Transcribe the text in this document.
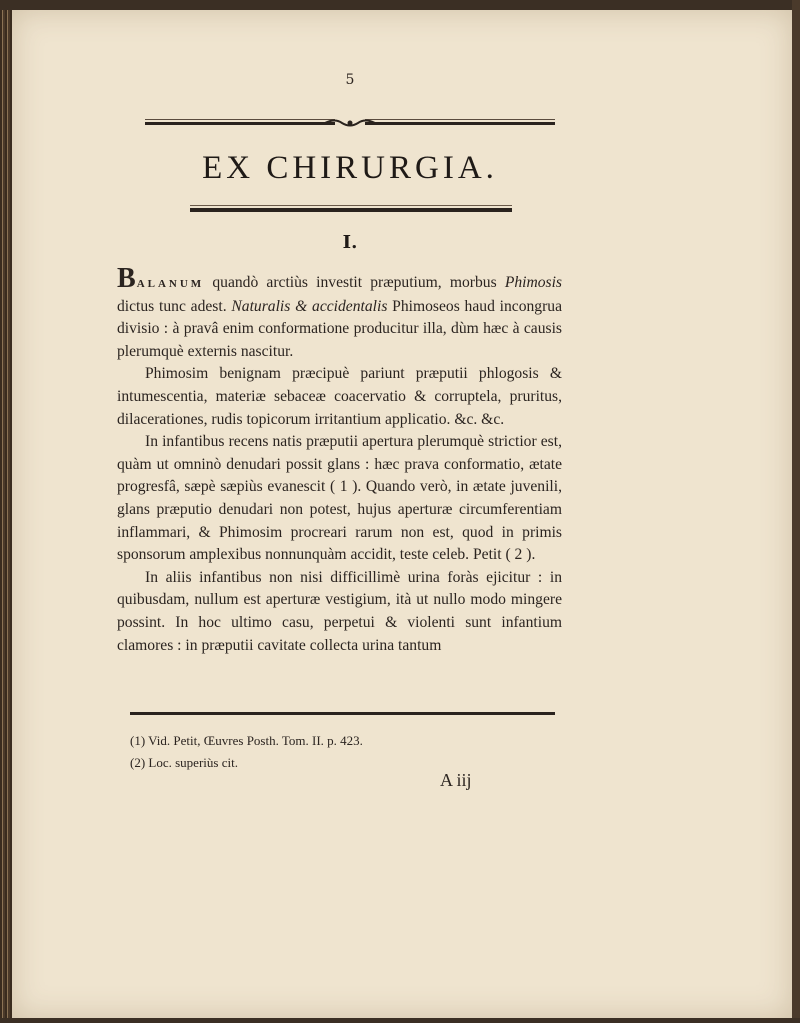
5
EX CHIRURGIA.
I.

BALANUM quandò arctiùs investit præputium, morbus Phimosis dictus tunc adest. Naturalis & accidentalis Phimoseos haud incongrua divisio : à pravâ enim conformatione producitur illa, dùm hæc à causis plerumquè externis nascitur.

Phimosim benignam præcipuè pariunt præputii phlogosis & intumescentia, materiæ sebaceæ coacervatio & corruptela, pruritus, dilacerationes, rudis topicorum irritantium applicatio. &c. &c.

In infantibus recens natis præputii apertura plerumquè strictior est, quàm ut omninò denudari possit glans : hæc prava conformatio, ætate progresfâ, sæpè sæpiùs evanescit ( 1 ). Quando verò, in ætate juvenili, glans præputio denudari non potest, hujus aperturæ circumferentiam inflammari, & Phimosim procreari rarum non est, quod in primis sponsorum amplexibus nonnunquàm accidit, teste celeb. Petit ( 2 ).

In aliis infantibus non nisi difficillimè urina foràs ejicitur : in quibusdam, nullum est aperturæ vestigium, ità ut nullo modo mingere possint. In hoc ultimo casu, perpetui & violenti sunt infantium clamores : in præputii cavitate collecta urina tantum

(1) Vid. Petit, Œuvres Posth. Tom. II. p. 423.
(2) Loc. superiùs cit.
A iij
